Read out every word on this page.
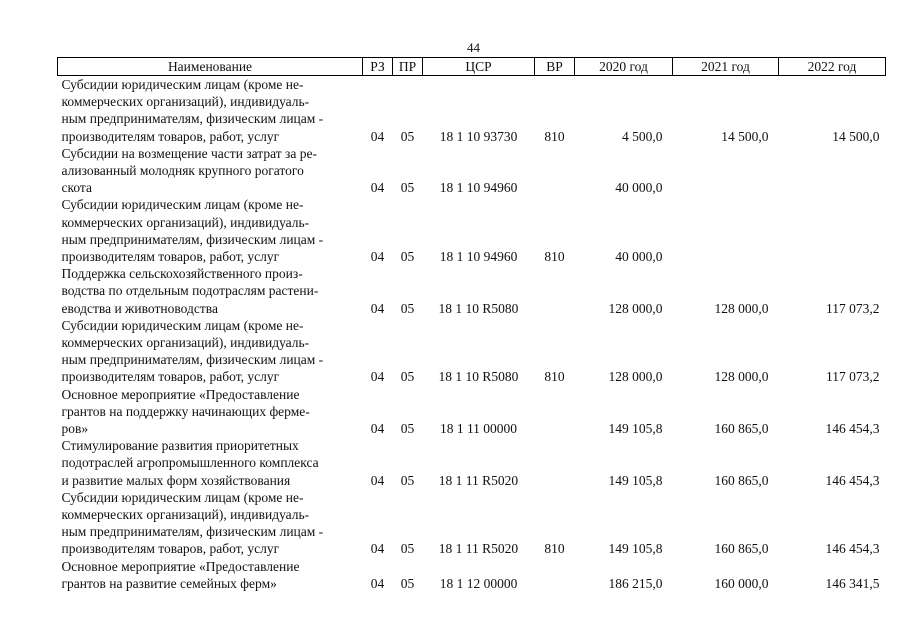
44
Наименование	РЗ	ПР	ЦСР	ВР	2020 год	2021 год	2022 год
Субсидии юридическим лицам (кроме не-
коммерческих организаций), индивидуаль-
ным предпринимателям, физическим лицам -
производителям товаров, работ, услуг	04	05	18 1 10 93730	810	4 500,0	14 500,0	14 500,0
Субсидии на возмещение части затрат за ре-
ализованный молодняк крупного рогатого
скота	04	05	18 1 10 94960		40 000,0		
Субсидии юридическим лицам (кроме не-
коммерческих организаций), индивидуаль-
ным предпринимателям, физическим лицам -
производителям товаров, работ, услуг	04	05	18 1 10 94960	810	40 000,0		
Поддержка сельскохозяйственного произ-
водства по отдельным подотраслям растени-
еводства и животноводства	04	05	18 1 10 R5080		128 000,0	128 000,0	117 073,2
Субсидии юридическим лицам (кроме не-
коммерческих организаций), индивидуаль-
ным предпринимателям, физическим лицам -
производителям товаров, работ, услуг	04	05	18 1 10 R5080	810	128 000,0	128 000,0	117 073,2
Основное мероприятие «Предоставление
грантов на поддержку начинающих фермe-
ров»	04	05	18 1 11 00000		149 105,8	160 865,0	146 454,3
Стимулирование развития приоритетных
подотраслей агропромышленного комплекса
и развитие малых форм хозяйствования	04	05	18 1 11 R5020		149 105,8	160 865,0	146 454,3
Субсидии юридическим лицам (кроме не-
коммерческих организаций), индивидуаль-
ным предпринимателям, физическим лицам -
производителям товаров, работ, услуг	04	05	18 1 11 R5020	810	149 105,8	160 865,0	146 454,3
Основное мероприятие «Предоставление
грантов на развитие семейных ферм»	04	05	18 1 12 00000		186 215,0	160 000,0	146 341,5
